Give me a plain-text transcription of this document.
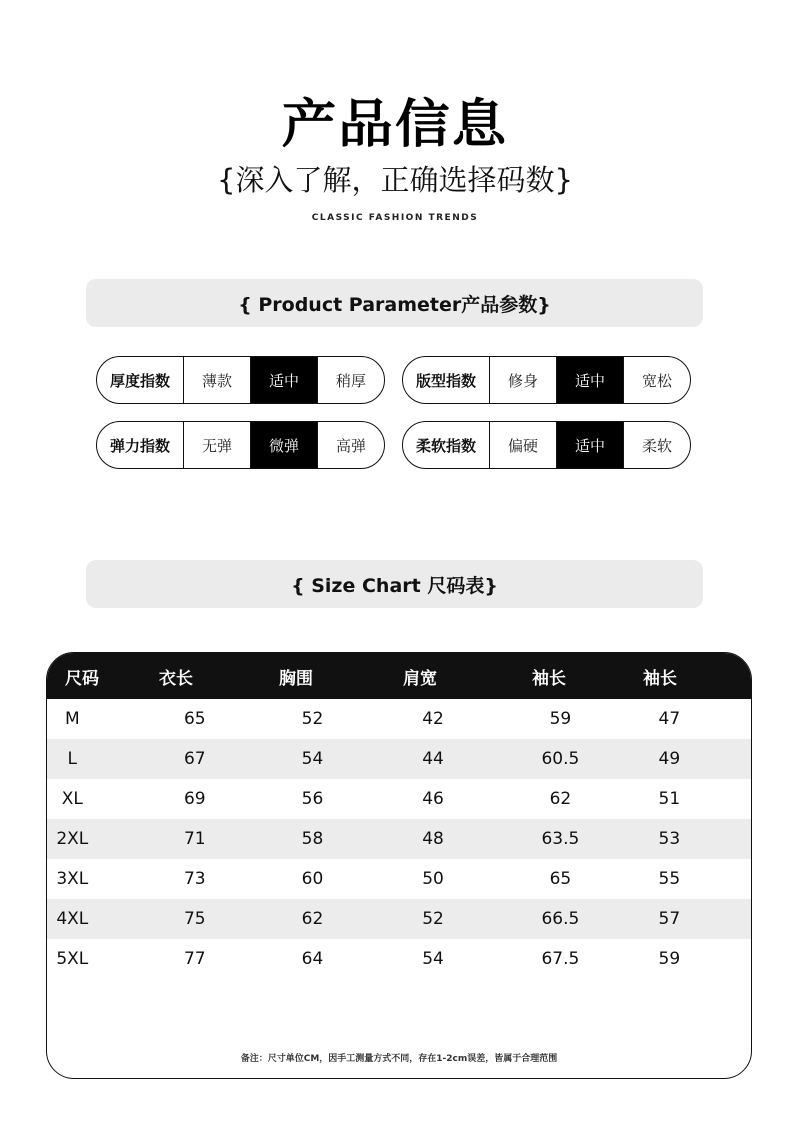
产品信息
{深入了解，正确选择码数}
CLASSIC FASHION TRENDS
{ Product Parameter产品参数}
厚度指数	薄款	适中	稍厚	版型指数	修身	适中	宽松
弹力指数	无弹	微弹	高弹	柔软指数	偏硬	适中	柔软
{ Size Chart 尺码表}
尺码	衣长	胸围	肩宽	袖长	袖长
M	65	52	42	59	47
L	67	54	44	60.5	49
XL	69	56	46	62	51
2XL	71	58	48	63.5	53
3XL	73	60	50	65	55
4XL	75	62	52	66.5	57
5XL	77	64	54	67.5	59
备注：尺寸单位CM，因手工测量方式不同，存在1-2cm误差，皆属于合理范围
